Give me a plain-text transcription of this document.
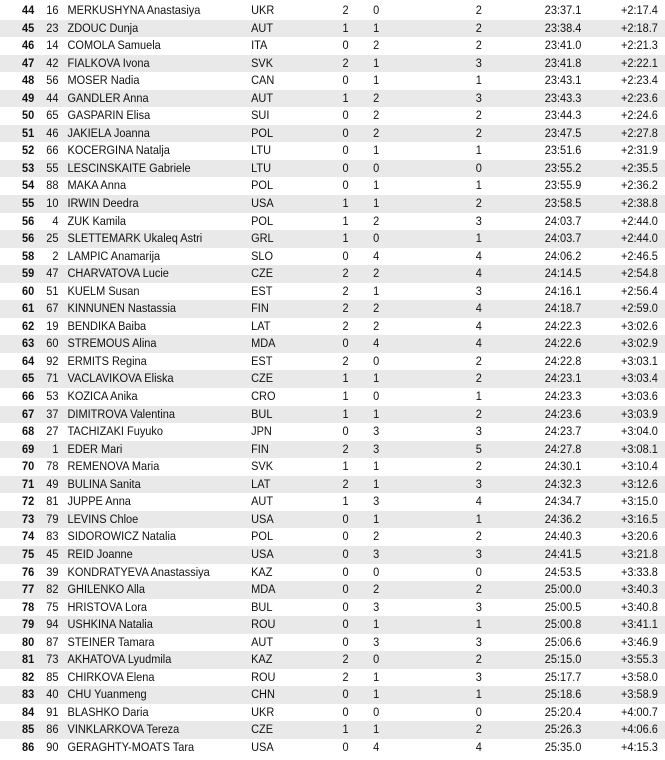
44 16 MERKUSHYNA Anastasiya	UKR	2 0	2	23:37.1	+2:17.4
45 23 ZDOUC Dunja	AUT	1 1	2	23:38.4	+2:18.7
46 14 COMOLA Samuela	ITA	0 2	2	23:41.0	+2:21.3
47 42 FIALKOVA Ivona	SVK	2 1	3	23:41.8	+2:22.1
48 56 MOSER Nadia	CAN	0 1	1	23:43.1	+2:23.4
49 44 GANDLER Anna	AUT	1 2	3	23:43.3	+2:23.6
50 65 GASPARIN Elisa	SUI	0 2	2	23:44.3	+2:24.6
51 46 JAKIELA Joanna	POL	0 2	2	23:47.5	+2:27.8
52 66 KOCERGINA Natalja	LTU	0 1	1	23:51.6	+2:31.9
53 55 LESCINSKAITE Gabriele	LTU	0 0	0	23:55.2	+2:35.5
54 88 MAKA Anna	POL	0 1	1	23:55.9	+2:36.2
55 10 IRWIN Deedra	USA	1 1	2	23:58.5	+2:38.8
56	4 ZUK Kamila	POL	1 2	3	24:03.7	+2:44.0
56 25 SLETTEMARK Ukaleq Astri	GRL	1 0	1	24:03.7	+2:44.0
58	2 LAMPIC Anamarija	SLO	0 4	4	24:06.2	+2:46.5
59 47 CHARVATOVA Lucie	CZE	2 2	4	24:14.5	+2:54.8
60 51 KUELM Susan	EST	2 1	3	24:16.1	+2:56.4
61 67 KINNUNEN Nastassia	FIN	2 2	4	24:18.7	+2:59.0
62 19 BENDIKA Baiba	LAT	2 2	4	24:22.3	+3:02.6
63 60 STREMOUS Alina	MDA	0 4	4	24:22.6	+3:02.9
64 92 ERMITS Regina	EST	2 0	2	24:22.8	+3:03.1
65 71 VACLAVIKOVA Eliska	CZE	1 1	2	24:23.1	+3:03.4
66 53 KOZICA Anika	CRO	1 0	1	24:23.3	+3:03.6
67 37 DIMITROVA Valentina	BUL	1 1	2	24:23.6	+3:03.9
68 27 TACHIZAKI Fuyuko	JPN	0 3	3	24:23.7	+3:04.0
69	1 EDER Mari	FIN	2 3	5	24:27.8	+3:08.1
70 78 REMENOVA Maria	SVK	1 1	2	24:30.1	+3:10.4
71 49 BULINA Sanita	LAT	2 1	3	24:32.3	+3:12.6
72 81 JUPPE Anna	AUT	1 3	4	24:34.7	+3:15.0
73 79 LEVINS Chloe	USA	0 1	1	24:36.2	+3:16.5
74 83 SIDOROWICZ Natalia	POL	0 2	2	24:40.3	+3:20.6
75 45 REID Joanne	USA	0 3	3	24:41.5	+3:21.8
76 39 KONDRATYEVA Anastassiya	KAZ	0 0	0	24:53.5	+3:33.8
77 82 GHILENKO Alla	MDA	0 2	2	25:00.0	+3:40.3
78 75 HRISTOVA Lora	BUL	0 3	3	25:00.5	+3:40.8
79 94 USHKINA Natalia	ROU	0 1	1	25:00.8	+3:41.1
80 87 STEINER Tamara	AUT	0 3	3	25:06.6	+3:46.9
81 73 AKHATOVA Lyudmila	KAZ	2 0	2	25:15.0	+3:55.3
82 85 CHIRKOVA Elena	ROU	2 1	3	25:17.7	+3:58.0
83 40 CHU Yuanmeng	CHN	0 1	1	25:18.6	+3:58.9
84 91 BLASHKO Daria	UKR	0 0	0	25:20.4	+4:00.7
85 86 VINKLARKOVA Tereza	CZE	1 1	2	25:26.3	+4:06.6
86 90 GERAGHTY-MOATS Tara	USA	0 4	4	25:35.0	+4:15.3
